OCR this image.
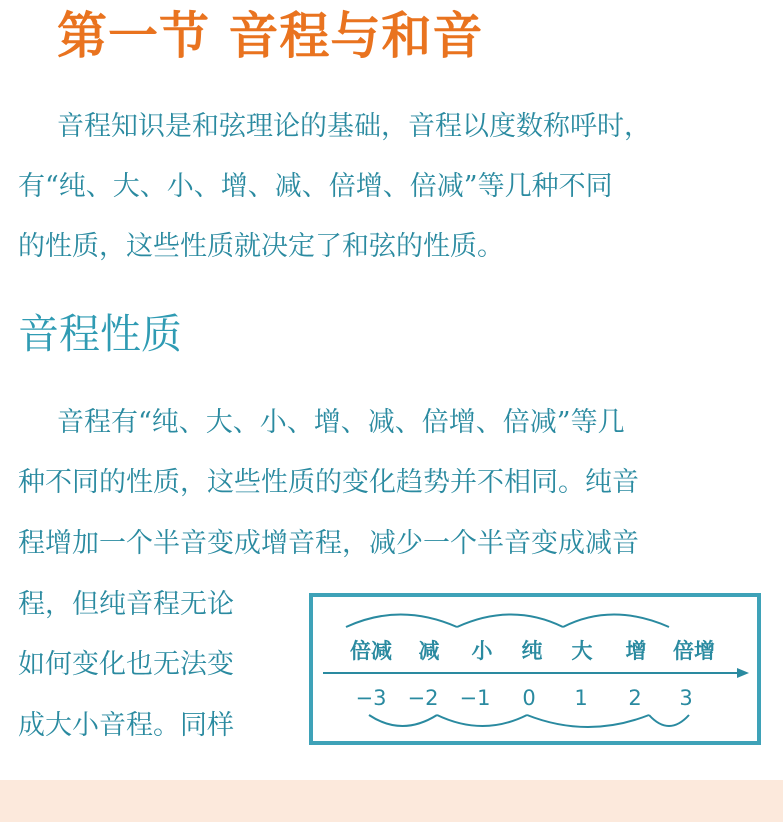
第一节 音程与和音
音程知识是和弦理论的基础，音程以度数称呼时，
有“纯、大、小、增、减、倍增、倍减”等几种不同
的性质，这些性质就决定了和弦的性质。
音程性质
音程有“纯、大、小、增、减、倍增、倍减”等几
种不同的性质，这些性质的变化趋势并不相同。纯音
程增加一个半音变成增音程，减少一个半音变成减音
程，但纯音程无论
如何变化也无法变
成大小音程。同样
倍减 减 小 纯 大 增 倍增
−3 −2 −1 0 1 2 3
